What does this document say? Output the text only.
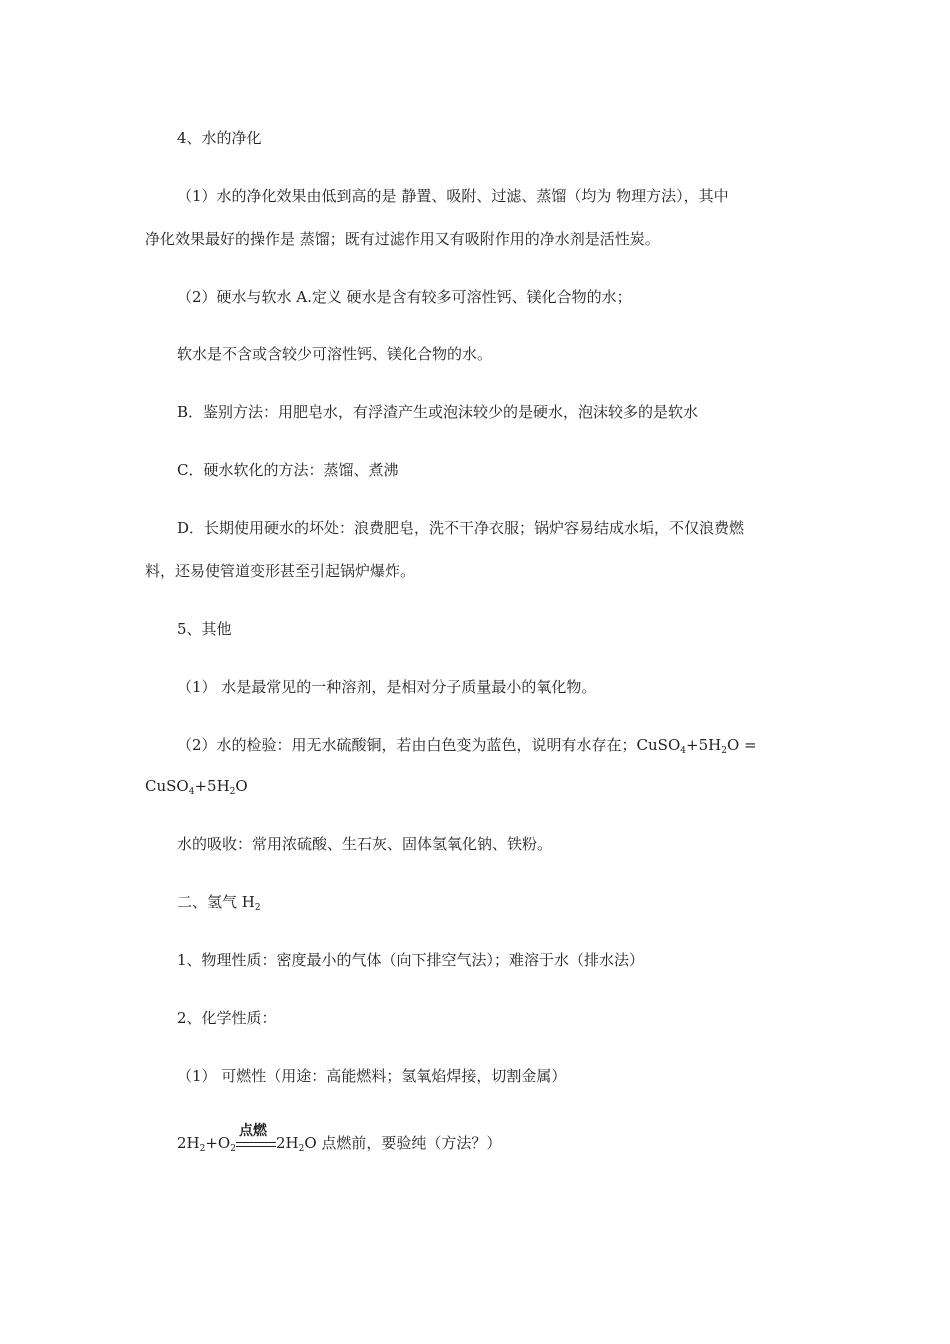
4、水的净化
（1）水的净化效果由低到高的是 静置、吸附、过滤、蒸馏（均为 物理方法），其中
净化效果最好的操作是 蒸馏；既有过滤作用又有吸附作用的净水剂是活性炭。
（2）硬水与软水 A.定义 硬水是含有较多可溶性钙、镁化合物的水；
软水是不含或含较少可溶性钙、镁化合物的水。
B．鉴别方法：用肥皂水，有浮渣产生或泡沫较少的是硬水，泡沫较多的是软水
C．硬水软化的方法：蒸馏、煮沸
D．长期使用硬水的坏处：浪费肥皂，洗不干净衣服；锅炉容易结成水垢，不仅浪费燃
料，还易使管道变形甚至引起锅炉爆炸。
5、其他
（1） 水是最常见的一种溶剂，是相对分子质量最小的氧化物。
（2）水的检验：用无水硫酸铜，若由白色变为蓝色，说明有水存在；$CuSO_4+5H_2O$ =
$CuSO_4+5H_2O$
水的吸收：常用浓硫酸、生石灰、固体氢氧化钠、铁粉。
二、氢气 $H_2$
1、物理性质：密度最小的气体（向下排空气法）；难溶于水（排水法）
2、化学性质：
（1） 可燃性（用途：高能燃料；氢氧焰焊接，切割金属）
$2H_2+O_2$
点燃
$2H_2O$ 点燃前，要验纯（方法？）
